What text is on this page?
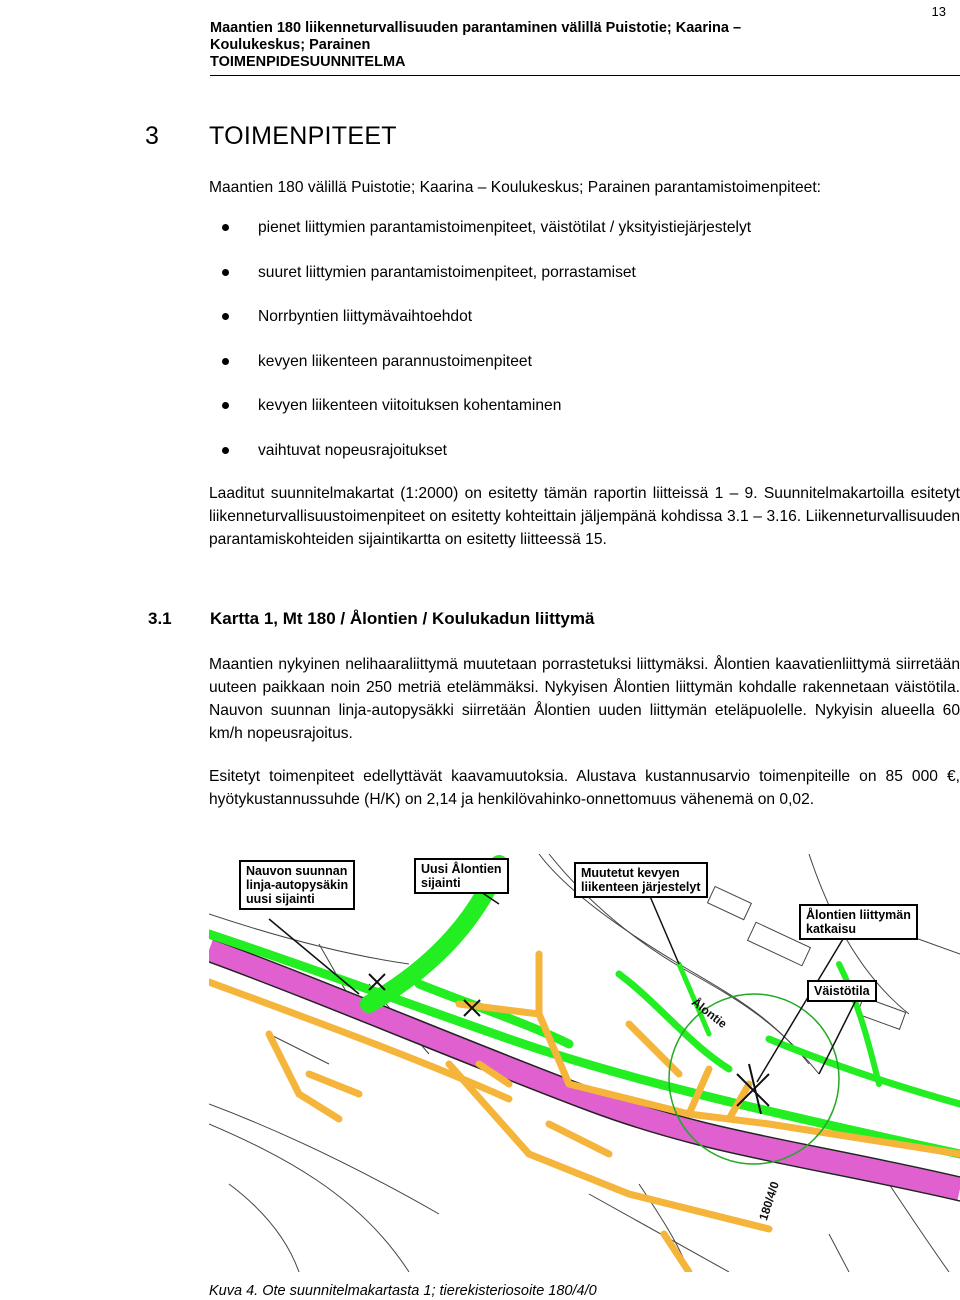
Maantien 180 liikenneturvallisuuden parantaminen välillä Puistotie; Kaarina –
Koulukeskus; Parainen
TOIMENPIDESUUNNITELMA
13
3 TOIMENPITEET
Maantien 180 välillä Puistotie; Kaarina – Koulukeskus; Parainen parantamistoimenpiteet:
pienet liittymien parantamistoimenpiteet, väistötilat / yksityistiejärjestelyt
suuret liittymien parantamistoimenpiteet, porrastamiset
Norrbyntien liittymävaihtoehdot
kevyen liikenteen parannustoimenpiteet
kevyen liikenteen viitoituksen kohentaminen
vaihtuvat nopeusrajoitukset
Laaditut suunnitelmakartat (1:2000) on esitetty tämän raportin liitteissä 1 – 9. Suunnitelmakartoilla esitetyt liikenneturvallisuustoimenpiteet on esitetty kohteittain jäljempänä kohdissa 3.1 – 3.16. Liikenneturvallisuuden parantamiskohteiden sijaintikartta on esitetty liitteessä 15.
3.1 Kartta 1, Mt 180 / Ålontien / Koulukadun liittymä
Maantien nykyinen nelihaaraliittymä muutetaan porrastetuksi liittymäksi. Ålontien kaavatienliittymä siirretään uuteen paikkaan noin 250 metriä etelämmäksi. Nykyisen Ålontien liittymän kohdalle rakennetaan väistötila. Nauvon suunnan linja-autopysäkki siirretään Ålontien uuden liittymän eteläpuolelle. Nykyisin alueella 60 km/h nopeusrajoitus.
Esitetyt toimenpiteet edellyttävät kaavamuutoksia. Alustava kustannusarvio toimenpiteille on 85 000 €, hyötykustannussuhde (H/K) on 2,14 ja henkilövahinko-onnettomuus vähenemä on 0,02.
Nauvon suunnan
linja-autopysäkin
uusi sijainti
Uusi Ålontien
sijainti
Muutetut kevyen
liikenteen järjestelyt
Ålontien liittymän
katkaisu
Väistötila
Ålontie
180/4/0
Kuva 4. Ote suunnitelmakartasta 1; tierekisteriosoite 180/4/0
